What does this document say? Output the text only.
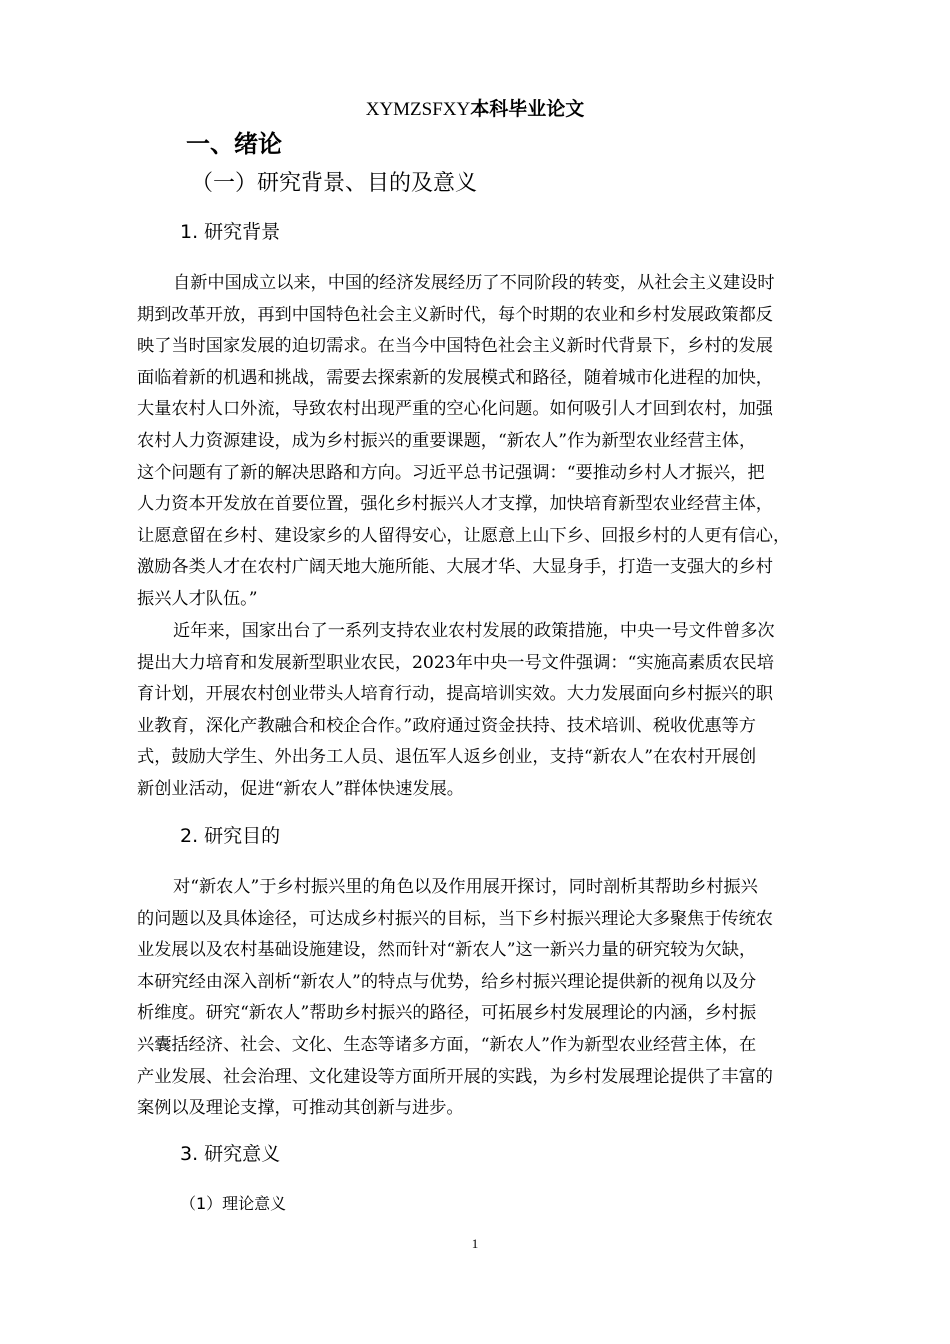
XYMZSFXY本科毕业论文
一、绪论
（一）研究背景、目的及意义
1. 研究背景
自新中国成立以来，中国的经济发展经历了不同阶段的转变，从社会主义建设时
期到改革开放，再到中国特色社会主义新时代，每个时期的农业和乡村发展政策都反
映了当时国家发展的迫切需求。在当今中国特色社会主义新时代背景下，乡村的发展
面临着新的机遇和挑战，需要去探索新的发展模式和路径，随着城市化进程的加快，
大量农村人口外流，导致农村出现严重的空心化问题。如何吸引人才回到农村，加强
农村人力资源建设，成为乡村振兴的重要课题，“新农人”作为新型农业经营主体，
这个问题有了新的解决思路和方向。习近平总书记强调：“要推动乡村人才振兴，把
人力资本开发放在首要位置，强化乡村振兴人才支撑，加快培育新型农业经营主体，
让愿意留在乡村、建设家乡的人留得安心，让愿意上山下乡、回报乡村的人更有信心，
激励各类人才在农村广阔天地大施所能、大展才华、大显身手，打造一支强大的乡村
振兴人才队伍。”
近年来，国家出台了一系列支持农业农村发展的政策措施，中央一号文件曾多次
提出大力培育和发展新型职业农民，2023年中央一号文件强调：“实施高素质农民培
育计划，开展农村创业带头人培育行动，提高培训实效。大力发展面向乡村振兴的职
业教育，深化产教融合和校企合作。”政府通过资金扶持、技术培训、税收优惠等方
式，鼓励大学生、外出务工人员、退伍军人返乡创业，支持“新农人”在农村开展创
新创业活动，促进“新农人”群体快速发展。
2. 研究目的
对“新农人”于乡村振兴里的角色以及作用展开探讨，同时剖析其帮助乡村振兴
的问题以及具体途径，可达成乡村振兴的目标，当下乡村振兴理论大多聚焦于传统农
业发展以及农村基础设施建设，然而针对“新农人”这一新兴力量的研究较为欠缺，
本研究经由深入剖析“新农人”的特点与优势，给乡村振兴理论提供新的视角以及分
析维度。研究“新农人”帮助乡村振兴的路径，可拓展乡村发展理论的内涵，乡村振
兴囊括经济、社会、文化、生态等诸多方面，“新农人”作为新型农业经营主体，在
产业发展、社会治理、文化建设等方面所开展的实践，为乡村发展理论提供了丰富的
案例以及理论支撑，可推动其创新与进步。
3. 研究意义
（1）理论意义
1
